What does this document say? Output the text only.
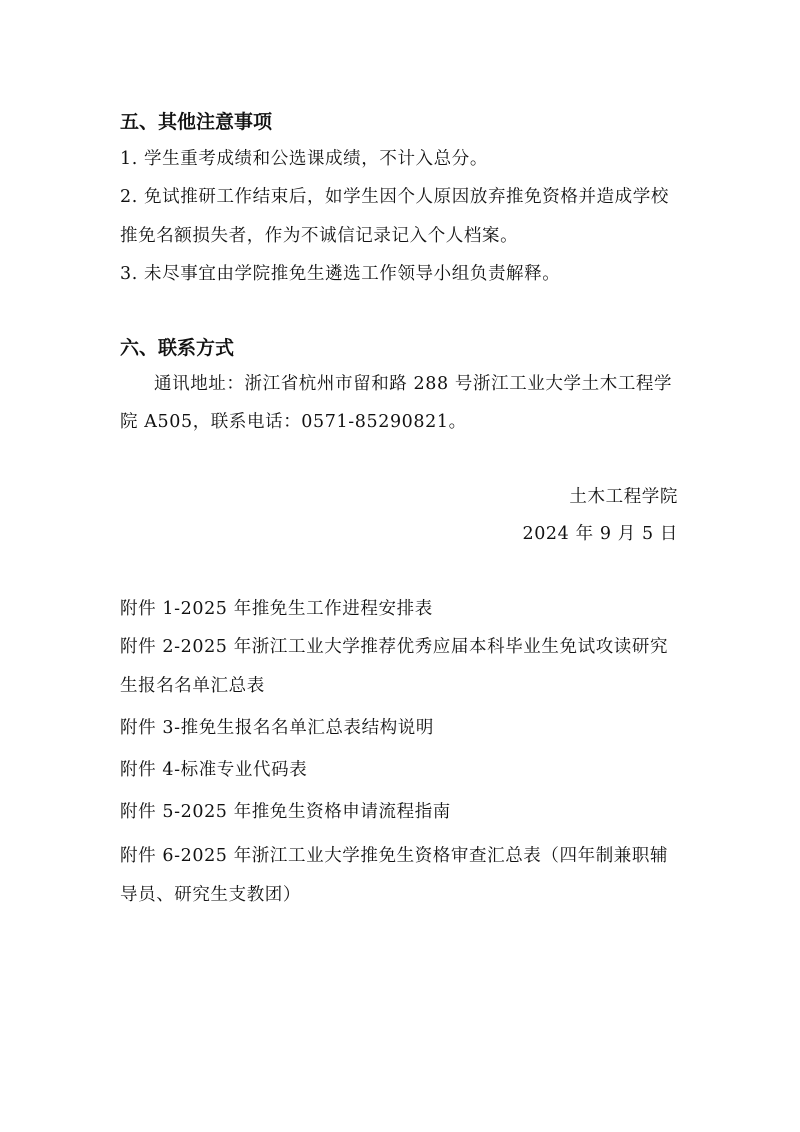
五、其他注意事项
1. 学生重考成绩和公选课成绩，不计入总分。
2. 免试推研工作结束后，如学生因个人原因放弃推免资格并造成学校
推免名额损失者，作为不诚信记录记入个人档案。
3. 未尽事宜由学院推免生遴选工作领导小组负责解释。
六、联系方式
通讯地址：浙江省杭州市留和路 288 号浙江工业大学土木工程学
院 A505，联系电话：0571-85290821。
土木工程学院
2024 年 9 月 5 日
附件 1-2025 年推免生工作进程安排表
附件 2-2025 年浙江工业大学推荐优秀应届本科毕业生免试攻读研究
生报名名单汇总表
附件 3-推免生报名名单汇总表结构说明
附件 4-标准专业代码表
附件 5-2025 年推免生资格申请流程指南
附件 6-2025 年浙江工业大学推免生资格审查汇总表（四年制兼职辅
导员、研究生支教团）
